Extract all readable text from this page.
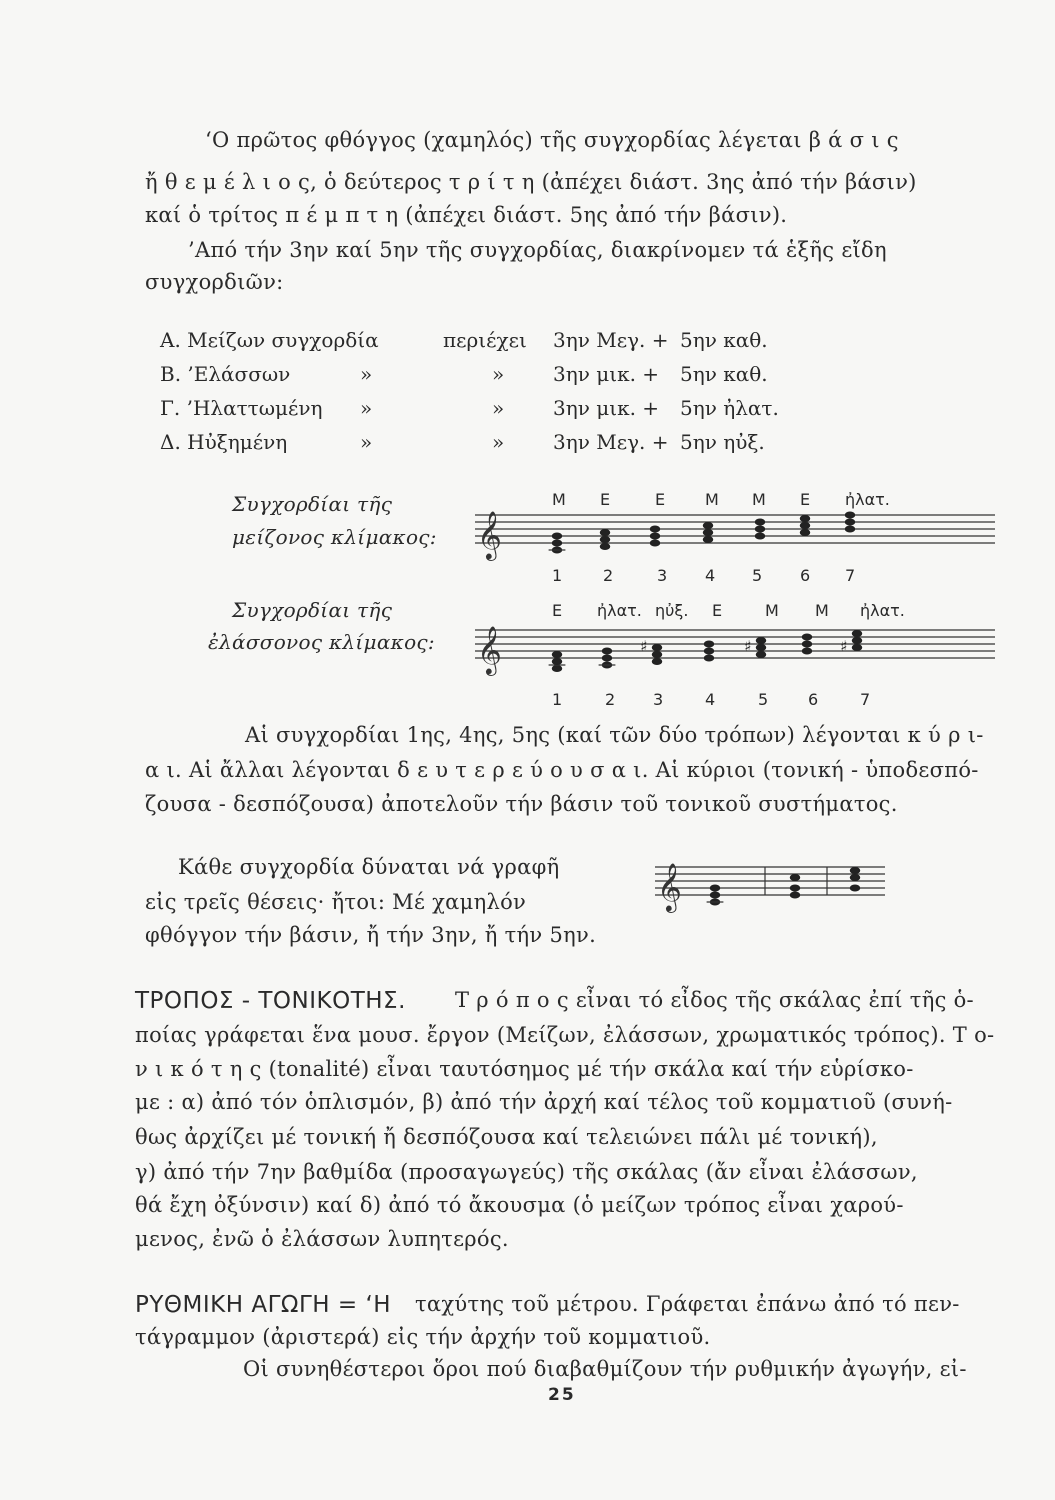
‘Ο πρῶτος φθόγγος (χαμηλός) τῆς συγχορδίας λέγεται β ά σ ι ς
ἤ θ ε μ έ λ ι ο ς, ὁ δεύτερος τ ρ ί τ η (ἀπέχει διάστ. 3ης ἀπό τήν βάσιν)
καί ὁ τρίτος π έ μ π τ η (ἀπέχει διάστ. 5ης ἀπό τήν βάσιν).
’Από τήν 3ην καί 5ην τῆς συγχορδίας, διακρίνομεν τά ἑξῆς εἴδη
συγχορδιῶν:
A. Μείζων συγχορδία	περιέχει 3ην Μεγ. + 5ην καθ.
B. ’Ελάσσων	»	» 3ην μικ. + 5ην καθ.
Γ. ’Ηλαττωμένη »	» 3ην μικ. + 5ην ἠλατ.
Δ. Ηὐξημένη	»	» 3ην Μεγ. + 5ην ηὐξ.
Συγχορδίαι τῆς
μείζονος κλίμακος:
M E	E M M E ἠλατ.
𝄞
1	2	3 4 5 6 7
Συγχορδίαι τῆς
ἐλάσσονος κλίμακος:
E ἠλατ. ηὐξ. E	M M ἠλατ.
𝄞	♯	♯	♯
1	2 3	4	5 6	7
Αἱ συγχορδίαι 1ης, 4ης, 5ης (καί τῶν δύο τρόπων) λέγονται κ ύ ρ ι-
α ι. Αἱ ἄλλαι λέγονται δ ε υ τ ε ρ ε ύ ο υ σ α ι. Αἱ κύριοι (τονική - ὑποδεσπό-
ζουσα - δεσπόζουσα) ἀποτελοῦν τήν βάσιν τοῦ τονικοῦ συστήματος.
Κάθε συγχορδία δύναται νά γραφῆ
εἰς τρεῖς θέσεις· ἤτοι: Μέ χαμηλόν
φθόγγον τήν βάσιν, ἤ τήν 3ην, ἤ τήν 5ην.
𝄞
ΤΡΟΠΟΣ - ΤΟΝΙΚΟΤΗΣ. Τ ρ ό π ο ς εἶναι τό εἶδος τῆς σκάλας ἐπί τῆς ὁ-
ποίας γράφεται ἕνα μουσ. ἔργον (Μείζων, ἐλάσσων, χρωματικός τρόπος). Τ ο-
ν ι κ ό τ η ς (tonalité) εἶναι ταυτόσημος μέ τήν σκάλα καί τήν εὑρίσκο-
με : α) ἀπό τόν ὁπλισμόν, β) ἀπό τήν ἀρχή καί τέλος τοῦ κομματιοῦ (συνή-
θως ἀρχίζει μέ τονική ἤ δεσπόζουσα καί τελειώνει πάλι μέ τονική),
γ) ἀπό τήν 7ην βαθμίδα (προσαγωγεύς) τῆς σκάλας (ἄν εἶναι ἐλάσσων,
θά ἔχη ὀξύνσιν) καί δ) ἀπό τό ἄκουσμα (ὁ μείζων τρόπος εἶναι χαρού-
μενος, ἐνῶ ὁ ἐλάσσων λυπητερός.
ΡΥΘΜΙΚΗ ΑΓΩΓΗ = ‘Η ταχύτης τοῦ μέτρου. Γράφεται ἐπάνω ἀπό τό πεν-
τάγραμμον (ἀριστερά) εἰς τήν ἀρχήν τοῦ κομματιοῦ.
Οἱ συνηθέστεροι ὅροι πού διαβαθμίζουν τήν ρυθμικήν ἀγωγήν, εἰ-
25
